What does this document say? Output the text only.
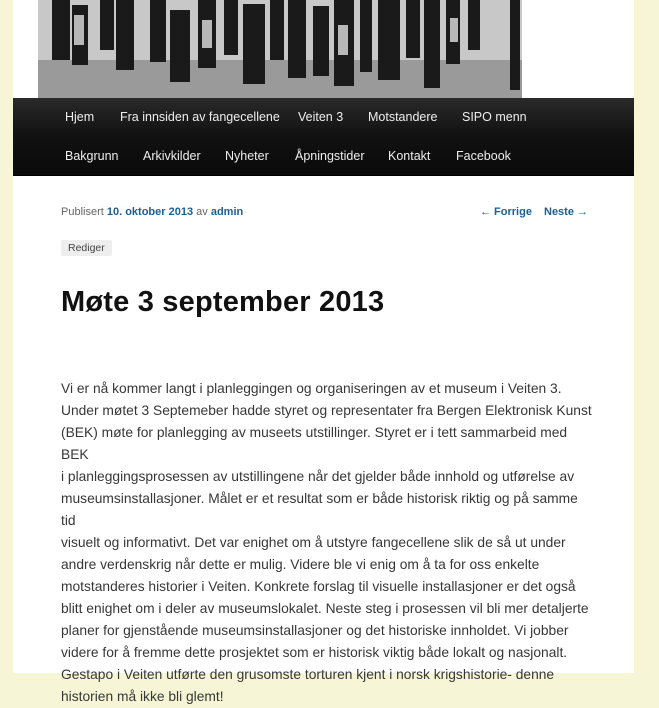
Hjem Fra innsiden av fangecellene Veiten 3 Motstandere SIPO menn
Bakgrunn Arkivkilder Nyheter Åpningstider Kontakt Facebook
Publisert 10. oktober 2013 av admin	← Forrige Neste →
Rediger
Møte 3 september 2013
Vi er nå kommer langt i planleggingen og organiseringen av et museum i Veiten 3.
Under møtet 3 Septemeber hadde styret og representater fra Bergen Elektronisk Kunst
(BEK) møte for planlegging av museets utstillinger. Styret er i tett sammarbeid med BEK
i planleggingsprosessen av utstillingene når det gjelder både innhold og utførelse av
museumsinstallasjoner. Målet er et resultat som er både historisk riktig og på samme tid
visuelt og informativt. Det var enighet om å utstyre fangecellene slik de så ut under
andre verdenskrig når dette er mulig. Videre ble vi enig om å ta for oss enkelte
motstanderes historier i Veiten. Konkrete forslag til visuelle installasjoner er det også
blitt enighet om i deler av museumslokalet. Neste steg i prosessen vil bli mer detaljerte
planer for gjenstående museumsinstallasjoner og det historiske innholdet. Vi jobber
videre for å fremme dette prosjektet som er historisk viktig både lokalt og nasjonalt.
Gestapo i Veiten utførte den grusomste torturen kjent i norsk krigshistorie- denne
historien må ikke bli glemt!
